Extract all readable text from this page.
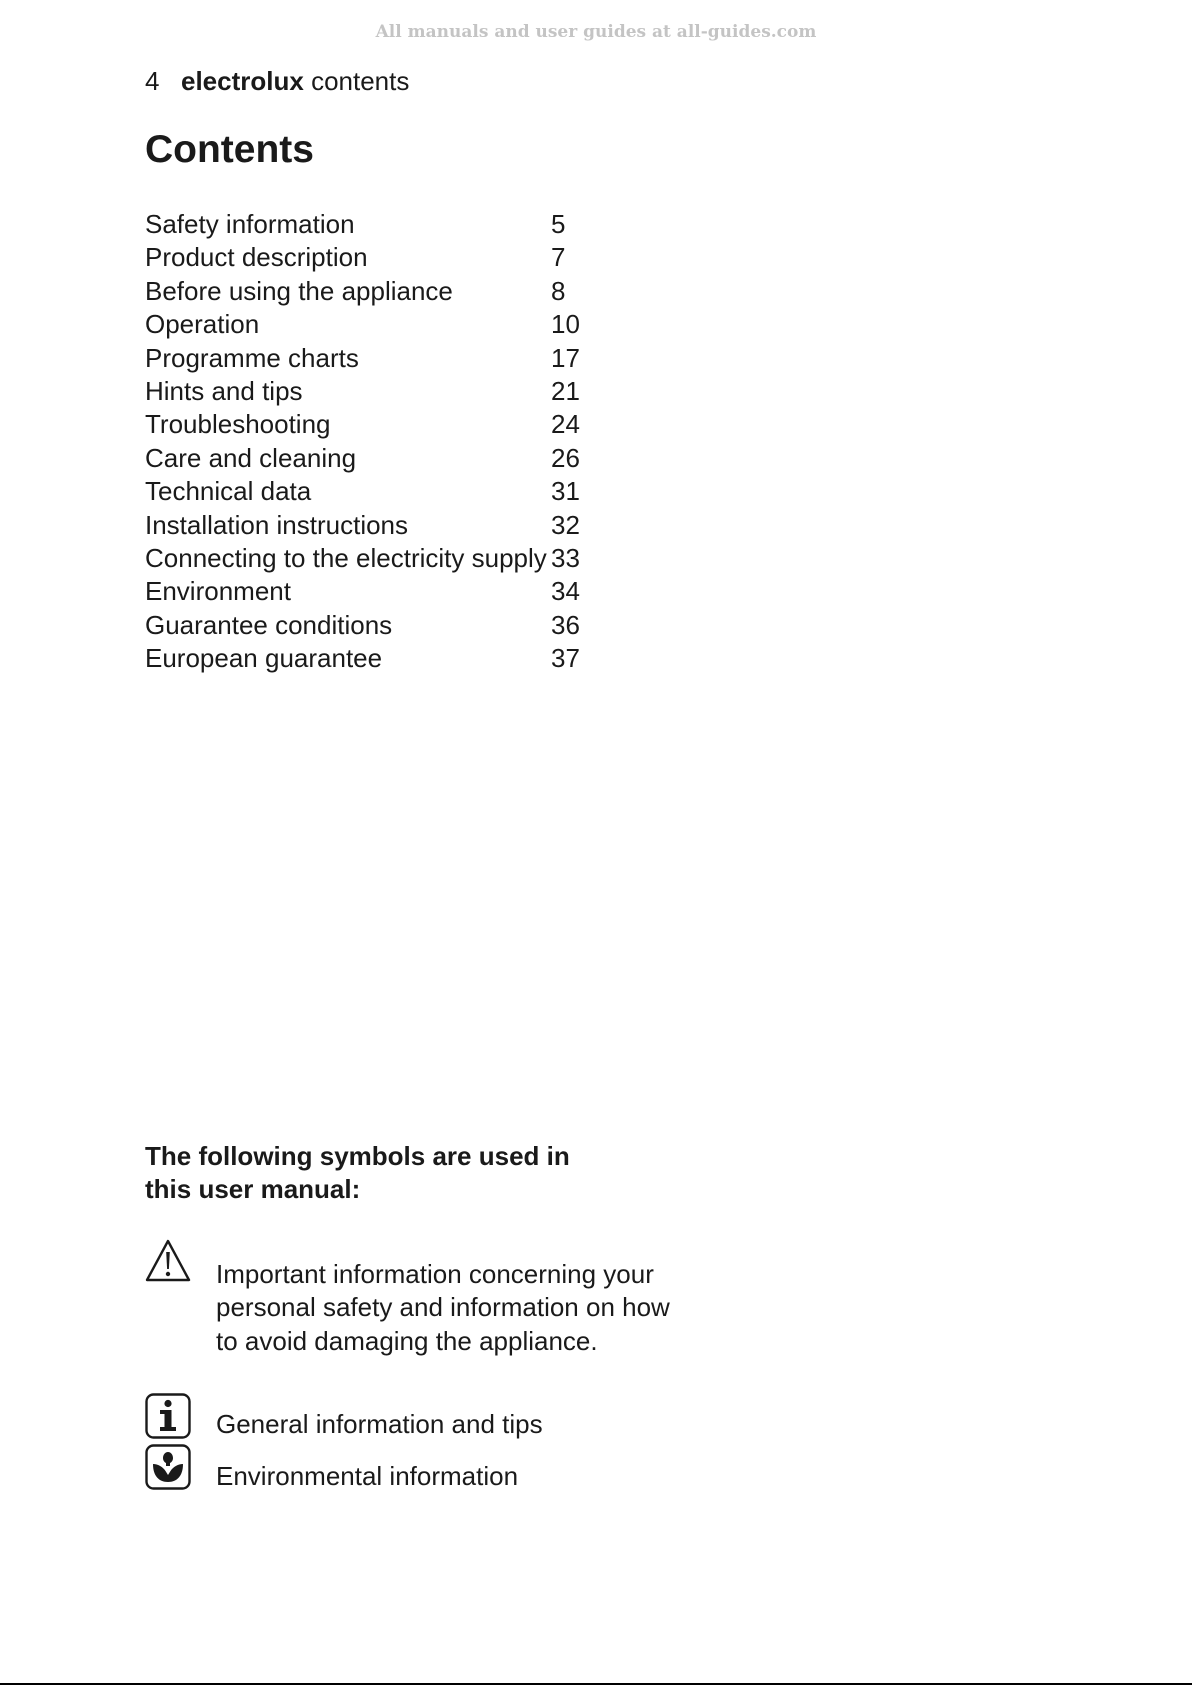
All manuals and user guides at all-guides.com
4 electrolux contents
Contents
Safety information	5
Product description	7
Before using the appliance	8
Operation	10
Programme charts	17
Hints and tips	21
Troubleshooting	24
Care and cleaning	26
Technical data	31
Installation instructions	32
Connecting to the electricity supply 33
Environment	34
Guarantee conditions	36
European guarantee	37
The following symbols are used in this user manual:
Important information concerning your personal safety and information on how to avoid damaging the appliance.
General information and tips
Environmental information
